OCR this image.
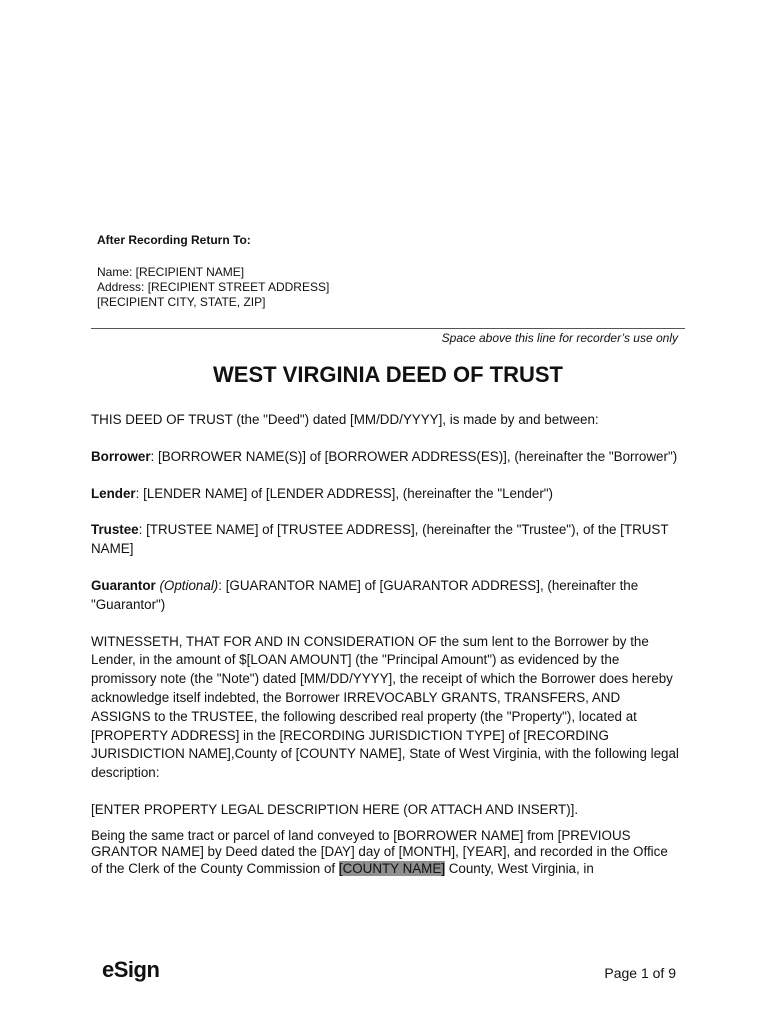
After Recording Return To:
Name: [RECIPIENT NAME]
Address: [RECIPIENT STREET ADDRESS]
[RECIPIENT CITY, STATE, ZIP]
Space above this line for recorder’s use only
WEST VIRGINIA DEED OF TRUST

THIS DEED OF TRUST (the "Deed") dated [MM/DD/YYYY], is made by and between:

Borrower: [BORROWER NAME(S)] of [BORROWER ADDRESS(ES)], (hereinafter the "Borrower")

Lender: [LENDER NAME] of [LENDER ADDRESS], (hereinafter the "Lender")

Trustee: [TRUSTEE NAME] of [TRUSTEE ADDRESS], (hereinafter the "Trustee"), of the [TRUST NAME]

Guarantor (Optional): [GUARANTOR NAME] of [GUARANTOR ADDRESS], (hereinafter the "Guarantor")

WITNESSETH, THAT FOR AND IN CONSIDERATION OF the sum lent to the Borrower by the Lender, in the amount of $[LOAN AMOUNT] (the "Principal Amount") as evidenced by the promissory note (the "Note") dated [MM/DD/YYYY], the receipt of which the Borrower does hereby acknowledge itself indebted, the Borrower IRREVOCABLY GRANTS, TRANSFERS, AND ASSIGNS to the TRUSTEE, the following described real property (the "Property"), located at [PROPERTY ADDRESS] in the [RECORDING JURISDICTION TYPE] of [RECORDING JURISDICTION NAME],County of [COUNTY NAME], State of West Virginia, with the following legal description:

[ENTER PROPERTY LEGAL DESCRIPTION HERE (OR ATTACH AND INSERT)].

Being the same tract or parcel of land conveyed to [BORROWER NAME] from [PREVIOUS GRANTOR NAME] by Deed dated the [DAY] day of [MONTH], [YEAR], and recorded in the Office of the Clerk of the County Commission of [COUNTY NAME] County, West Virginia, in

eSign	Page 1 of 9
